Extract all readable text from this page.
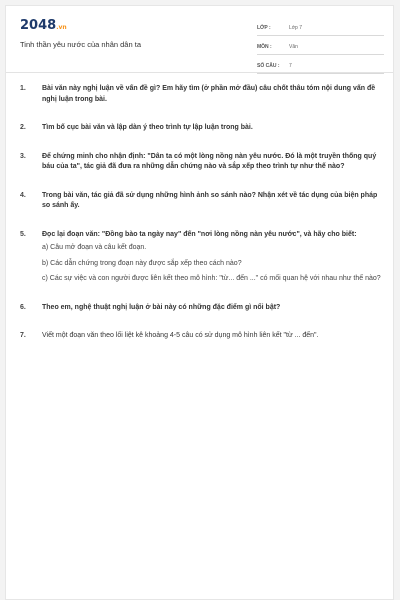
2048.vn
Tinh thần yêu nước của nhân dân ta
LỚP :	Lớp 7
MÔN :	Văn
SỐ CÂU :	7
1.	Bài văn này nghị luận về vấn đề gì? Em hãy tìm (ở phần mở đầu) câu chốt thâu tóm nội dung vấn đề nghị luận trong bài.
2.	Tìm bố cục bài văn và lập dàn ý theo trình tự lập luận trong bài.
3.	Để chứng minh cho nhận định: "Dân ta có một lòng nồng nàn yêu nước. Đó là một truyền thống quý báu của ta", tác giả đã đưa ra những dẫn chứng nào và sắp xếp theo trình tự như thế nào?
4.	Trong bài văn, tác giả đã sử dụng những hình ảnh so sánh nào? Nhận xét về tác dụng của biện pháp so sánh ấy.
5.	Đọc lại đoạn văn: "Đồng bào ta ngày nay" đến "nơi lòng nồng nàn yêu nước", và hãy cho biết:
a) Câu mở đoạn và câu kết đoạn.
b) Các dẫn chứng trong đoạn này được sắp xếp theo cách nào?
c) Các sự việc và con người được liên kết theo mô hình: "từ... đến ..." có mối quan hệ với nhau như thế nào?
6.	Theo em, nghệ thuật nghị luận ở bài này có những đặc điểm gì nổi bật?
7.	Viết một đoạn văn theo lối liệt kê khoảng 4-5 câu có sử dụng mô hình liên kết "từ ... đến".
